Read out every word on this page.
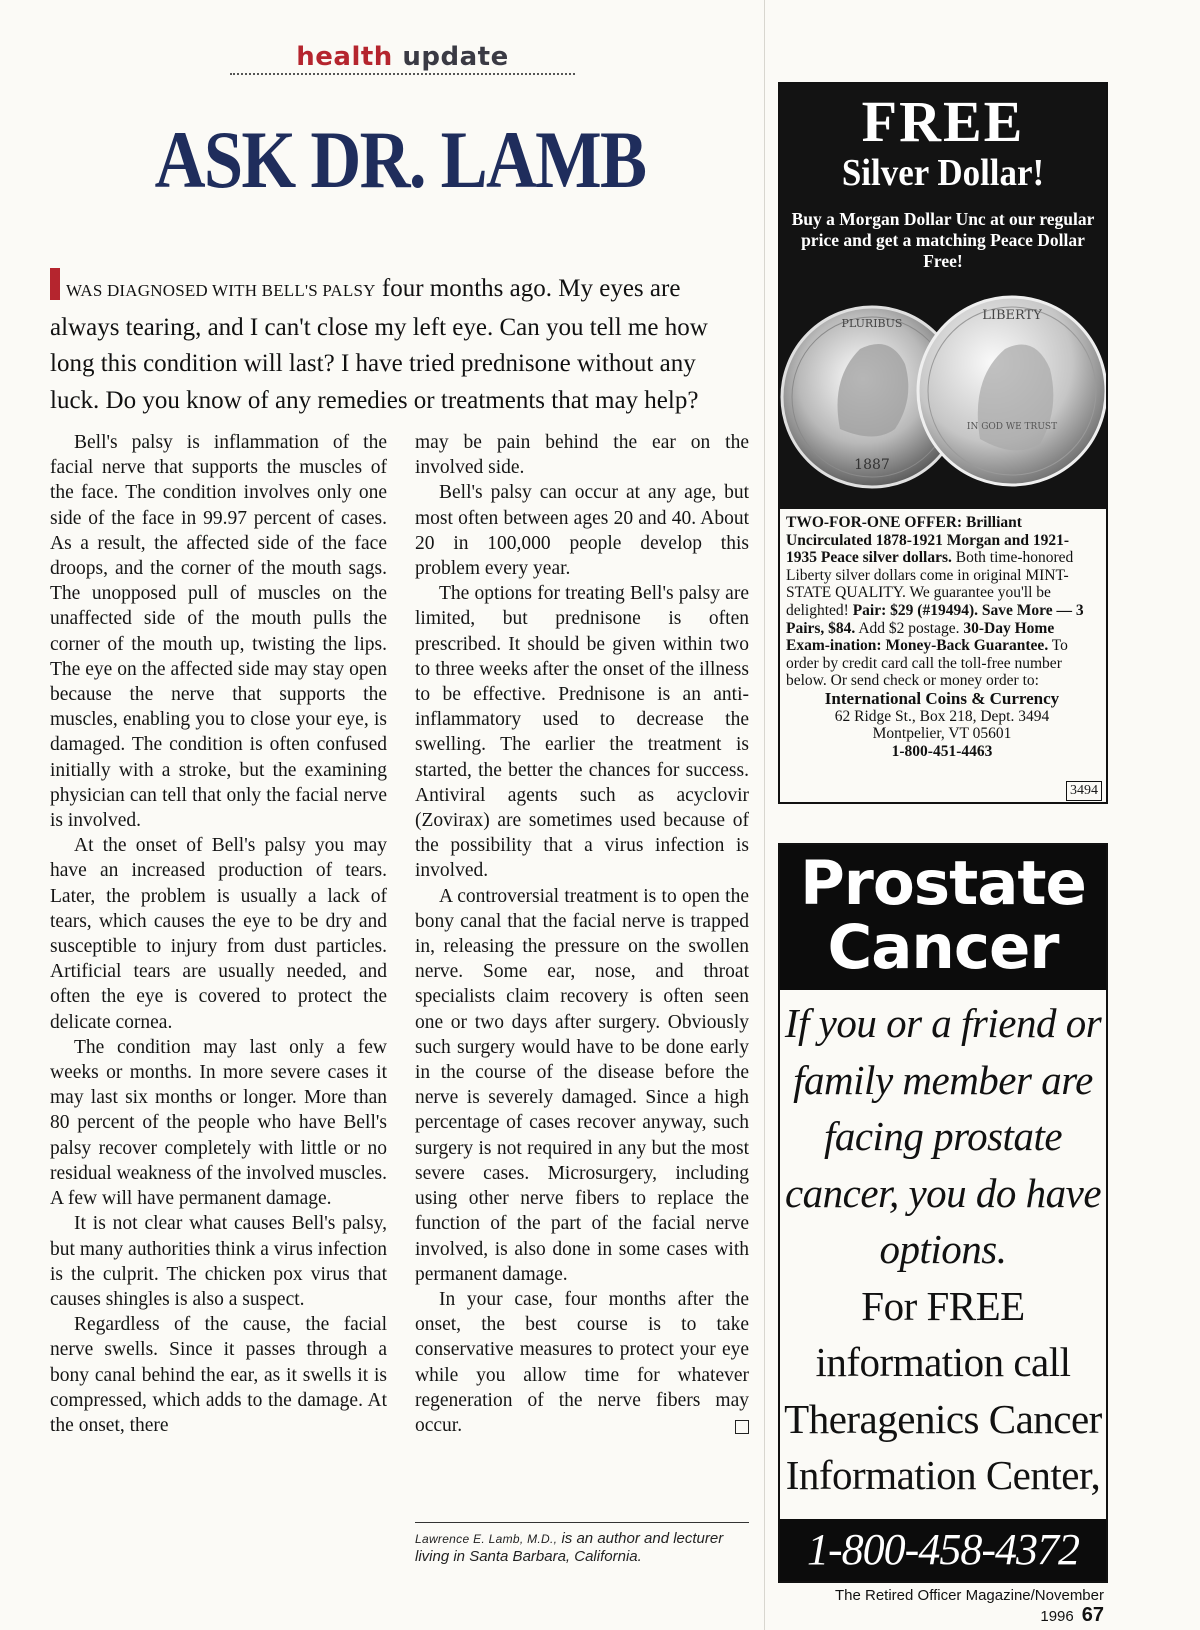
health update
ASK DR. LAMB
WAS DIAGNOSED WITH BELL'S PALSY four months ago. My eyes are always tearing, and I can't close my left eye. Can you tell me how long this condition will last? I have tried prednisone without any luck. Do you know of any remedies or treatments that may help?

Bell's palsy is inflammation of the facial nerve that supports the muscles of the face. The condition involves only one side of the face in 99.97 percent of cases. As a result, the affected side of the face droops, and the corner of the mouth sags. The unopposed pull of muscles on the unaffected side of the mouth pulls the corner of the mouth up, twisting the lips. The eye on the affected side may stay open because the nerve that supports the muscles, enabling you to close your eye, is damaged. The condition is often confused initially with a stroke, but the examining physician can tell that only the facial nerve is involved.

At the onset of Bell's palsy you may have an increased production of tears. Later, the problem is usually a lack of tears, which causes the eye to be dry and susceptible to injury from dust particles. Artificial tears are usually needed, and often the eye is covered to protect the delicate cornea.

The condition may last only a few weeks or months. In more severe cases it may last six months or longer. More than 80 percent of the people who have Bell's palsy recover completely with little or no residual weakness of the involved muscles. A few will have permanent damage.

It is not clear what causes Bell's palsy, but many authorities think a virus infection is the culprit. The chicken pox virus that causes shingles is also a suspect.

Regardless of the cause, the facial nerve swells. Since it passes through a bony canal behind the ear, as it swells it is compressed, which adds to the damage. At the onset, there

may be pain behind the ear on the involved side.

Bell's palsy can occur at any age, but most often between ages 20 and 40. About 20 in 100,000 people develop this problem every year.

The options for treating Bell's palsy are limited, but prednisone is often prescribed. It should be given within two to three weeks after the onset of the illness to be effective. Prednisone is an anti-inflammatory used to decrease the swelling. The earlier the treatment is started, the better the chances for success. Antiviral agents such as acyclovir (Zovirax) are sometimes used because of the possibility that a virus infection is involved.

A controversial treatment is to open the bony canal that the facial nerve is trapped in, releasing the pressure on the swollen nerve. Some ear, nose, and throat specialists claim recovery is often seen one or two days after surgery. Obviously such surgery would have to be done early in the course of the disease before the nerve is severely damaged. Since a high percentage of cases recover anyway, such surgery is not required in any but the most severe cases. Microsurgery, including using other nerve fibers to replace the function of the part of the facial nerve involved, is also done in some cases with permanent damage.

In your case, four months after the onset, the best course is to take conservative measures to protect your eye while you allow time for whatever regeneration of the nerve fibers may occur.

Lawrence E. Lamb, M.D., is an author and lecturer living in Santa Barbara, California.
FREE
Silver Dollar!
Buy a Morgan Dollar Unc at our regular price and get a matching Peace Dollar Free!
1887
PLURIBUS
LIBERTY
IN GOD WE TRUST
TWO-FOR-ONE OFFER: Brilliant Uncirculated 1878-1921 Morgan and 1921-1935 Peace silver dollars. Both time-honored Liberty silver dollars come in original MINT-STATE QUALITY. We guarantee you'll be delighted! Pair: $29 (#19494). Save More — 3 Pairs, $84. Add $2 postage. 30-Day Home Exam-ination: Money-Back Guarantee. To order by credit card call the toll-free number below. Or send check or money order to:
International Coins & Currency
62 Ridge St., Box 218, Dept. 3494
Montpelier, VT 05601
1-800-451-4463
3494
Prostate
Cancer
If you or a friend or family member are facing prostate cancer, you do have options.
For FREE information call Theragenics Cancer Information Center,
1-800-458-4372
The Retired Officer Magazine/November 1996 67
